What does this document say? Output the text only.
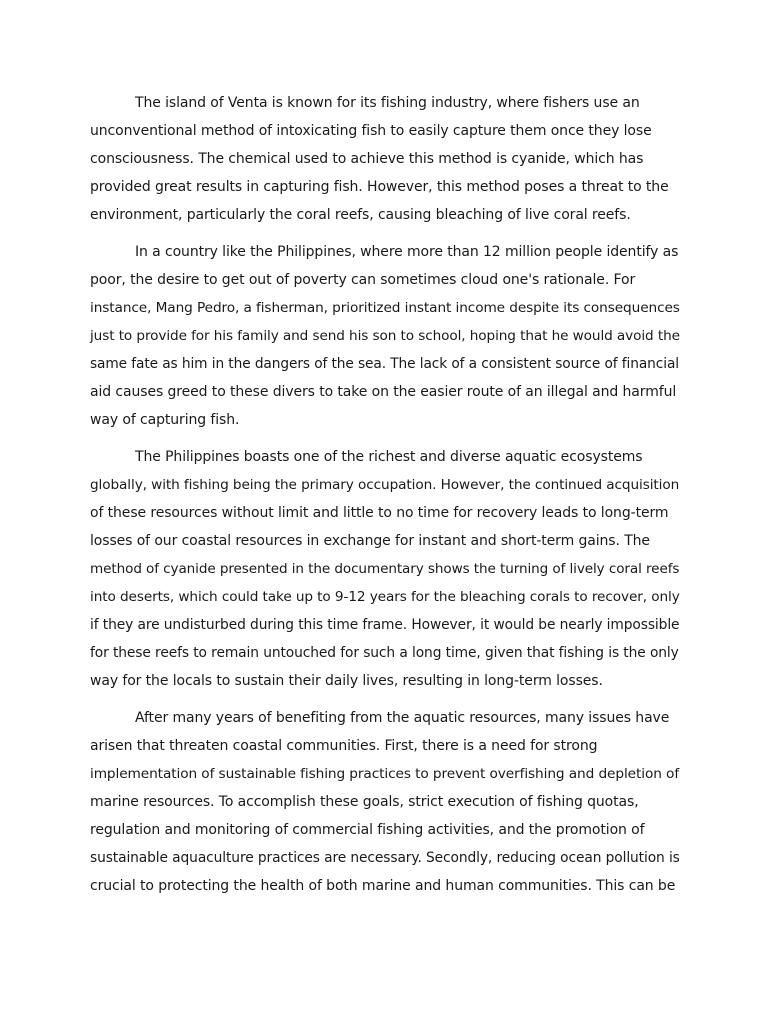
The island of Venta is known for its fishing industry, where fishers use an
unconventional method of intoxicating fish to easily capture them once they lose
consciousness. The chemical used to achieve this method is cyanide, which has
provided great results in capturing fish. However, this method poses a threat to the
environment, particularly the coral reefs, causing bleaching of live coral reefs.

In a country like the Philippines, where more than 12 million people identify as
poor, the desire to get out of poverty can sometimes cloud one's rationale. For
instance, Mang Pedro, a fisherman, prioritized instant income despite its consequences
just to provide for his family and send his son to school, hoping that he would avoid the
same fate as him in the dangers of the sea. The lack of a consistent source of financial
aid causes greed to these divers to take on the easier route of an illegal and harmful
way of capturing fish.

The Philippines boasts one of the richest and diverse aquatic ecosystems
globally, with fishing being the primary occupation. However, the continued acquisition
of these resources without limit and little to no time for recovery leads to long-term
losses of our coastal resources in exchange for instant and short-term gains. The
method of cyanide presented in the documentary shows the turning of lively coral reefs
into deserts, which could take up to 9-12 years for the bleaching corals to recover, only
if they are undisturbed during this time frame. However, it would be nearly impossible
for these reefs to remain untouched for such a long time, given that fishing is the only
way for the locals to sustain their daily lives, resulting in long-term losses.

After many years of benefiting from the aquatic resources, many issues have
arisen that threaten coastal communities. First, there is a need for strong
implementation of sustainable fishing practices to prevent overfishing and depletion of
marine resources. To accomplish these goals, strict execution of fishing quotas,
regulation and monitoring of commercial fishing activities, and the promotion of
sustainable aquaculture practices are necessary. Secondly, reducing ocean pollution is
crucial to protecting the health of both marine and human communities. This can be
